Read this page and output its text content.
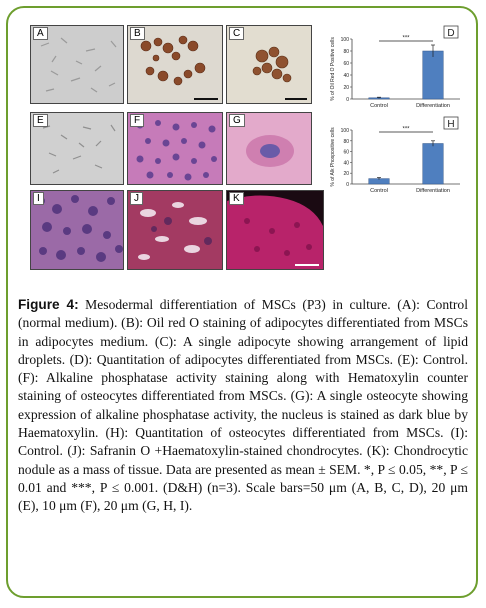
A	B	C	D
0
20
40
60
80
100
% of Oil Red O Positive cells
Control	Differentiation
***
E	F	G	H
0
20
40
60
80
100
% of Alk Phospositive cells
Control	Differentiation
***
I	J	K
Figure 4: Mesodermal differentiation of MSCs (P3) in culture. (A): Control (normal medium). (B): Oil red O staining of adipocytes differentiated from MSCs in adipocytes medium. (C): A single adipocyte showing arrangement of lipid droplets. (D): Quantitation of adipocytes differentiated from MSCs. (E): Control. (F): Alkaline phosphatase activity staining along with Hematoxylin counter staining of osteocytes differentiated from MSCs. (G): A single osteocyte showing expression of alkaline phosphatase activity, the nucleus is stained as dark blue by Haematoxylin. (H): Quantitation of osteocytes differentiated from MSCs. (I): Control. (J): Safranin O +Haematoxylin-stained chondrocytes. (K): Chondrocytic nodule as a mass of tissue. Data are presented as mean ± SEM. *, P ≤ 0.05, **, P ≤ 0.01 and ***, P ≤ 0.001. (D&H) (n=3). Scale bars=50 μm (A, B, C, D), 20 μm (E), 10 μm (F), 20 μm (G, H, I).
